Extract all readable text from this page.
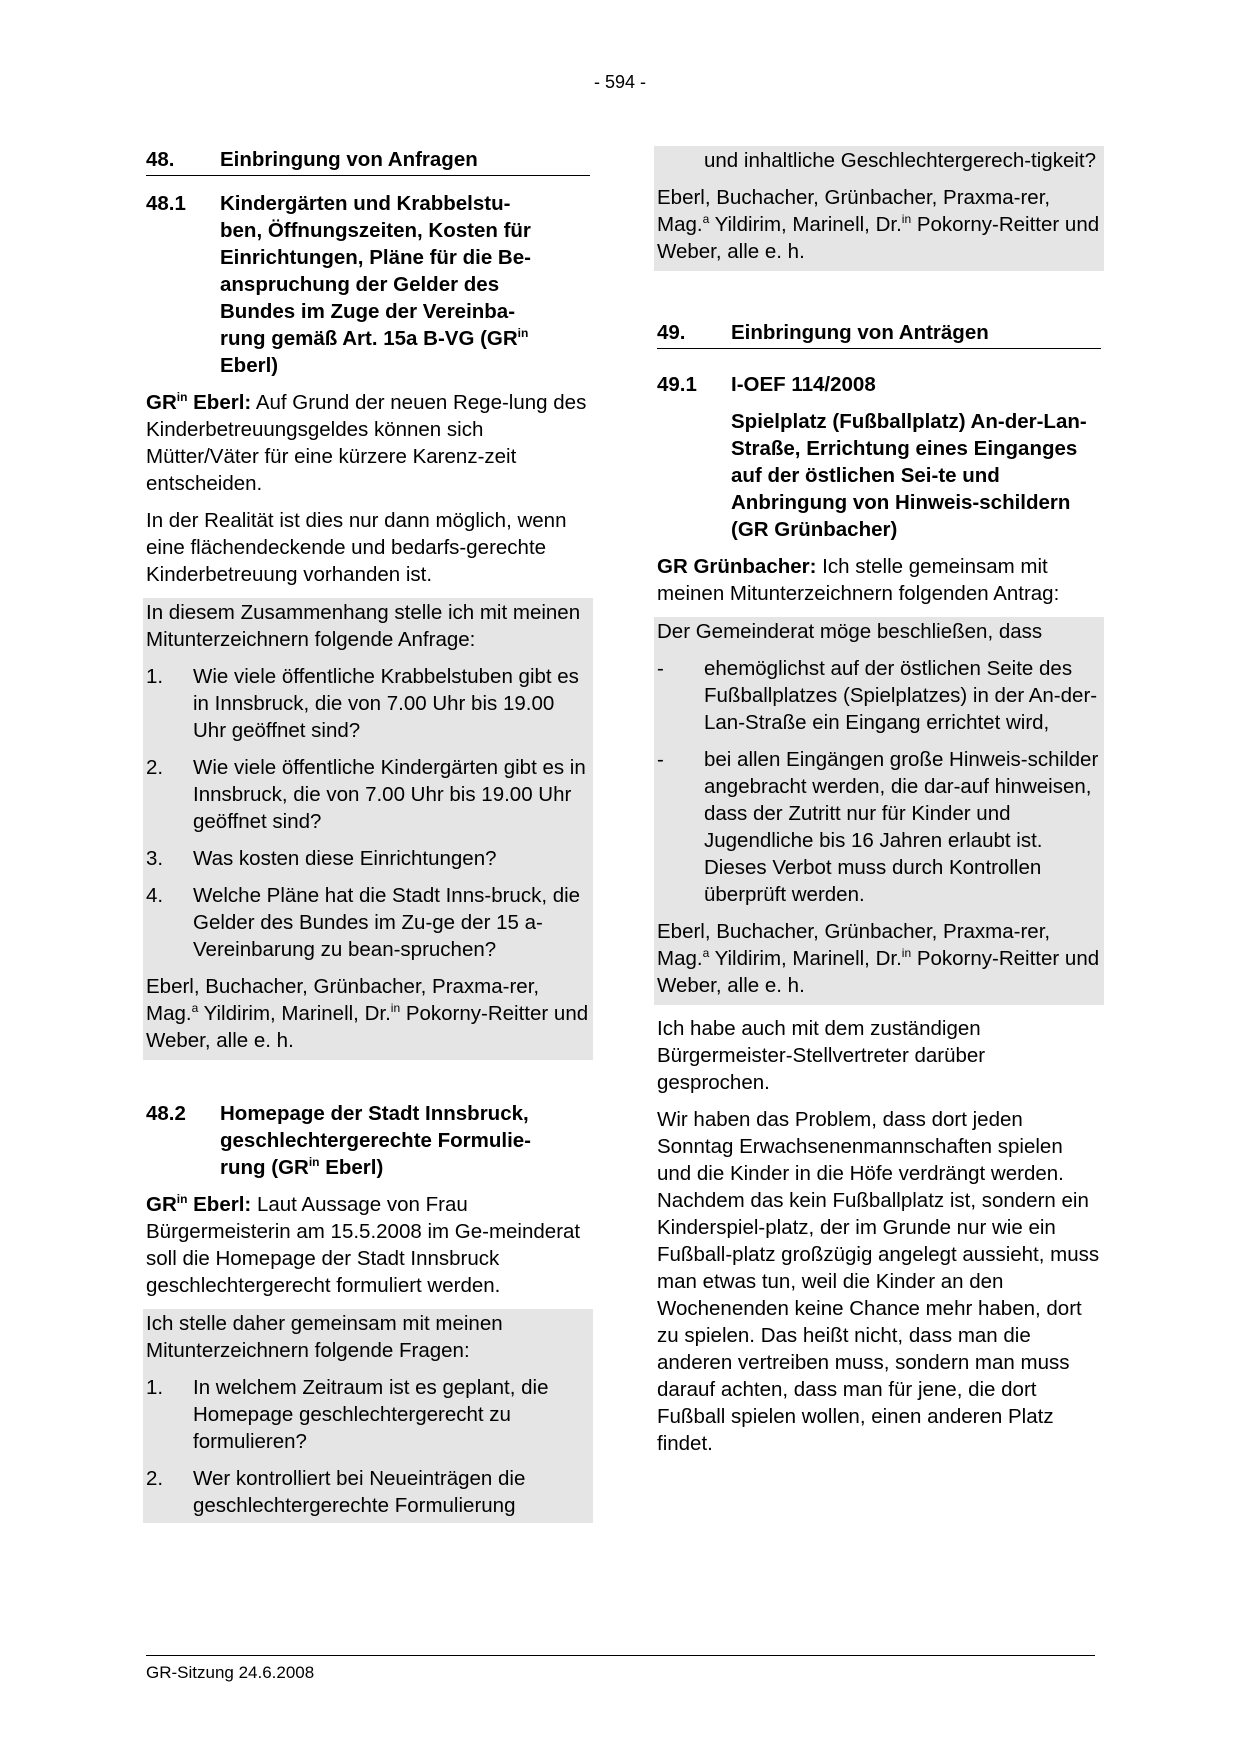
- 594 -
48.	Einbringung von Anfragen
48.1	Kindergärten und Krabbelstu-
ben, Öffnungszeiten, Kosten für
Einrichtungen, Pläne für die Be-
anspruchung der Gelder des
Bundes im Zuge der Vereinba-
rung gemäß Art. 15a B-VG ($GR^{in}$
Eberl)

$GR^{in}$ Eberl: Auf Grund der neuen Rege-lung des Kinderbetreuungsgeldes können sich Mütter/Väter für eine kürzere Karenz-zeit entscheiden.

In der Realität ist dies nur dann möglich, wenn eine flächendeckende und bedarfs-gerechte Kinderbetreuung vorhanden ist.

In diesem Zusammenhang stelle ich mit meinen Mitunterzeichnern folgende Anfrage:

1.	Wie viele öffentliche Krabbelstuben gibt es in Innsbruck, die von 7.00 Uhr bis 19.00 Uhr geöffnet sind?
2.	Wie viele öffentliche Kindergärten gibt es in Innsbruck, die von 7.00 Uhr bis 19.00 Uhr geöffnet sind?
3.	Was kosten diese Einrichtungen?
4.	Welche Pläne hat die Stadt Inns-bruck, die Gelder des Bundes im Zu-ge der 15 a-Vereinbarung zu bean-spruchen?

Eberl, Buchacher, Grünbacher, Praxma-rer, Mag.$^a$ Yildirim, Marinell, Dr.$^{in}$ Pokorny-Reitter und Weber, alle e. h.

48.2	Homepage der Stadt Innsbruck,
geschlechtergerechte Formulie-
rung ($GR^{in}$ Eberl)

$GR^{in}$ Eberl: Laut Aussage von Frau Bürgermeisterin am 15.5.2008 im Ge-meinderat soll die Homepage der Stadt Innsbruck geschlechtergerecht formuliert werden.

Ich stelle daher gemeinsam mit meinen Mitunterzeichnern folgende Fragen:

1.	In welchem Zeitraum ist es geplant, die Homepage geschlechtergerecht zu formulieren?
2.	Wer kontrolliert bei Neueinträgen die geschlechtergerechte Formulierung

und inhaltliche Geschlechtergerech-tigkeit?

Eberl, Buchacher, Grünbacher, Praxma-rer, Mag.$^a$ Yildirim, Marinell, Dr.$^{in}$ Pokorny-Reitter und Weber, alle e. h.

49.	Einbringung von Anträgen
49.1	I-OEF 114/2008
Spielplatz (Fußballplatz) An-der-Lan-Straße, Errichtung eines Einganges auf der östlichen Sei-te und Anbringung von Hinweis-schildern (GR Grünbacher)

GR Grünbacher: Ich stelle gemeinsam mit meinen Mitunterzeichnern folgenden Antrag:

Der Gemeinderat möge beschließen, dass

-	ehemöglichst auf der östlichen Seite des Fußballplatzes (Spielplatzes) in der An-der-Lan-Straße ein Eingang errichtet wird,
-	bei allen Eingängen große Hinweis-schilder angebracht werden, die dar-auf hinweisen, dass der Zutritt nur für Kinder und Jugendliche bis 16 Jahren erlaubt ist. Dieses Verbot muss durch Kontrollen überprüft werden.

Eberl, Buchacher, Grünbacher, Praxma-rer, Mag.$^a$ Yildirim, Marinell, Dr.$^{in}$ Pokorny-Reitter und Weber, alle e. h.

Ich habe auch mit dem zuständigen Bürgermeister-Stellvertreter darüber gesprochen.

Wir haben das Problem, dass dort jeden Sonntag Erwachsenenmannschaften spielen und die Kinder in die Höfe verdrängt werden. Nachdem das kein Fußballplatz ist, sondern ein Kinderspiel-platz, der im Grunde nur wie ein Fußball-platz großzügig angelegt aussieht, muss man etwas tun, weil die Kinder an den Wochenenden keine Chance mehr haben, dort zu spielen. Das heißt nicht, dass man die anderen vertreiben muss, sondern man muss darauf achten, dass man für jene, die dort Fußball spielen wollen, einen anderen Platz findet.

GR-Sitzung 24.6.2008
